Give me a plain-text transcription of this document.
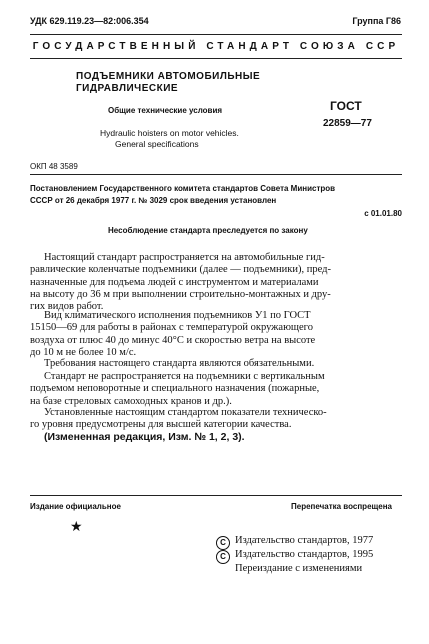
УДК 629.119.23—82:006.354	Группа Г86
ГОСУДАРСТВЕННЫЙ СТАНДАРТ СОЮЗА ССР
ПОДЪЕМНИКИ АВТОМОБИЛЬНЫЕ
ГИДРАВЛИЧЕСКИЕ
Общие технические условия
Hydraulic hoisters on motor vehicles.
General specifications
ГОСТ
22859—77
ОКП 48 3589
Постановлением Государственного комитета стандартов Совета Министров
СССР от 26 декабря 1977 г. № 3029 срок введения установлен
с 01.01.80
Несоблюдение стандарта преследуется по закону
Настоящий стандарт распространяется на автомобильные гид-
равлические коленчатые подъемники (далее — подъемники), пред-
назначенные для подъема людей с инструментом и материалами
на высоту до 36 м при выполнении строительно-монтажных и дру-
гих видов работ.
Вид климатического исполнения подъемников У1 по ГОСТ
15150—69 для работы в районах с температурой окружающего
воздуха от плюс 40 до минус 40°С и скоростью ветра на высоте
до 10 м не более 10 м/с.
Требования настоящего стандарта являются обязательными.
Стандарт не распространяется на подъемники с вертикальным
подъемом неповоротные и специального назначения (пожарные,
на базе стреловых самоходных кранов и др.).
Установленные настоящим стандартом показатели техническо-
го уровня предусмотрены для высшей категории качества.
(Измененная редакция, Изм. № 1, 2, 3).
Издание официальное	Перепечатка воспрещена
★
С Издательство стандартов, 1977
С Издательство стандартов, 1995
Переиздание с изменениями
